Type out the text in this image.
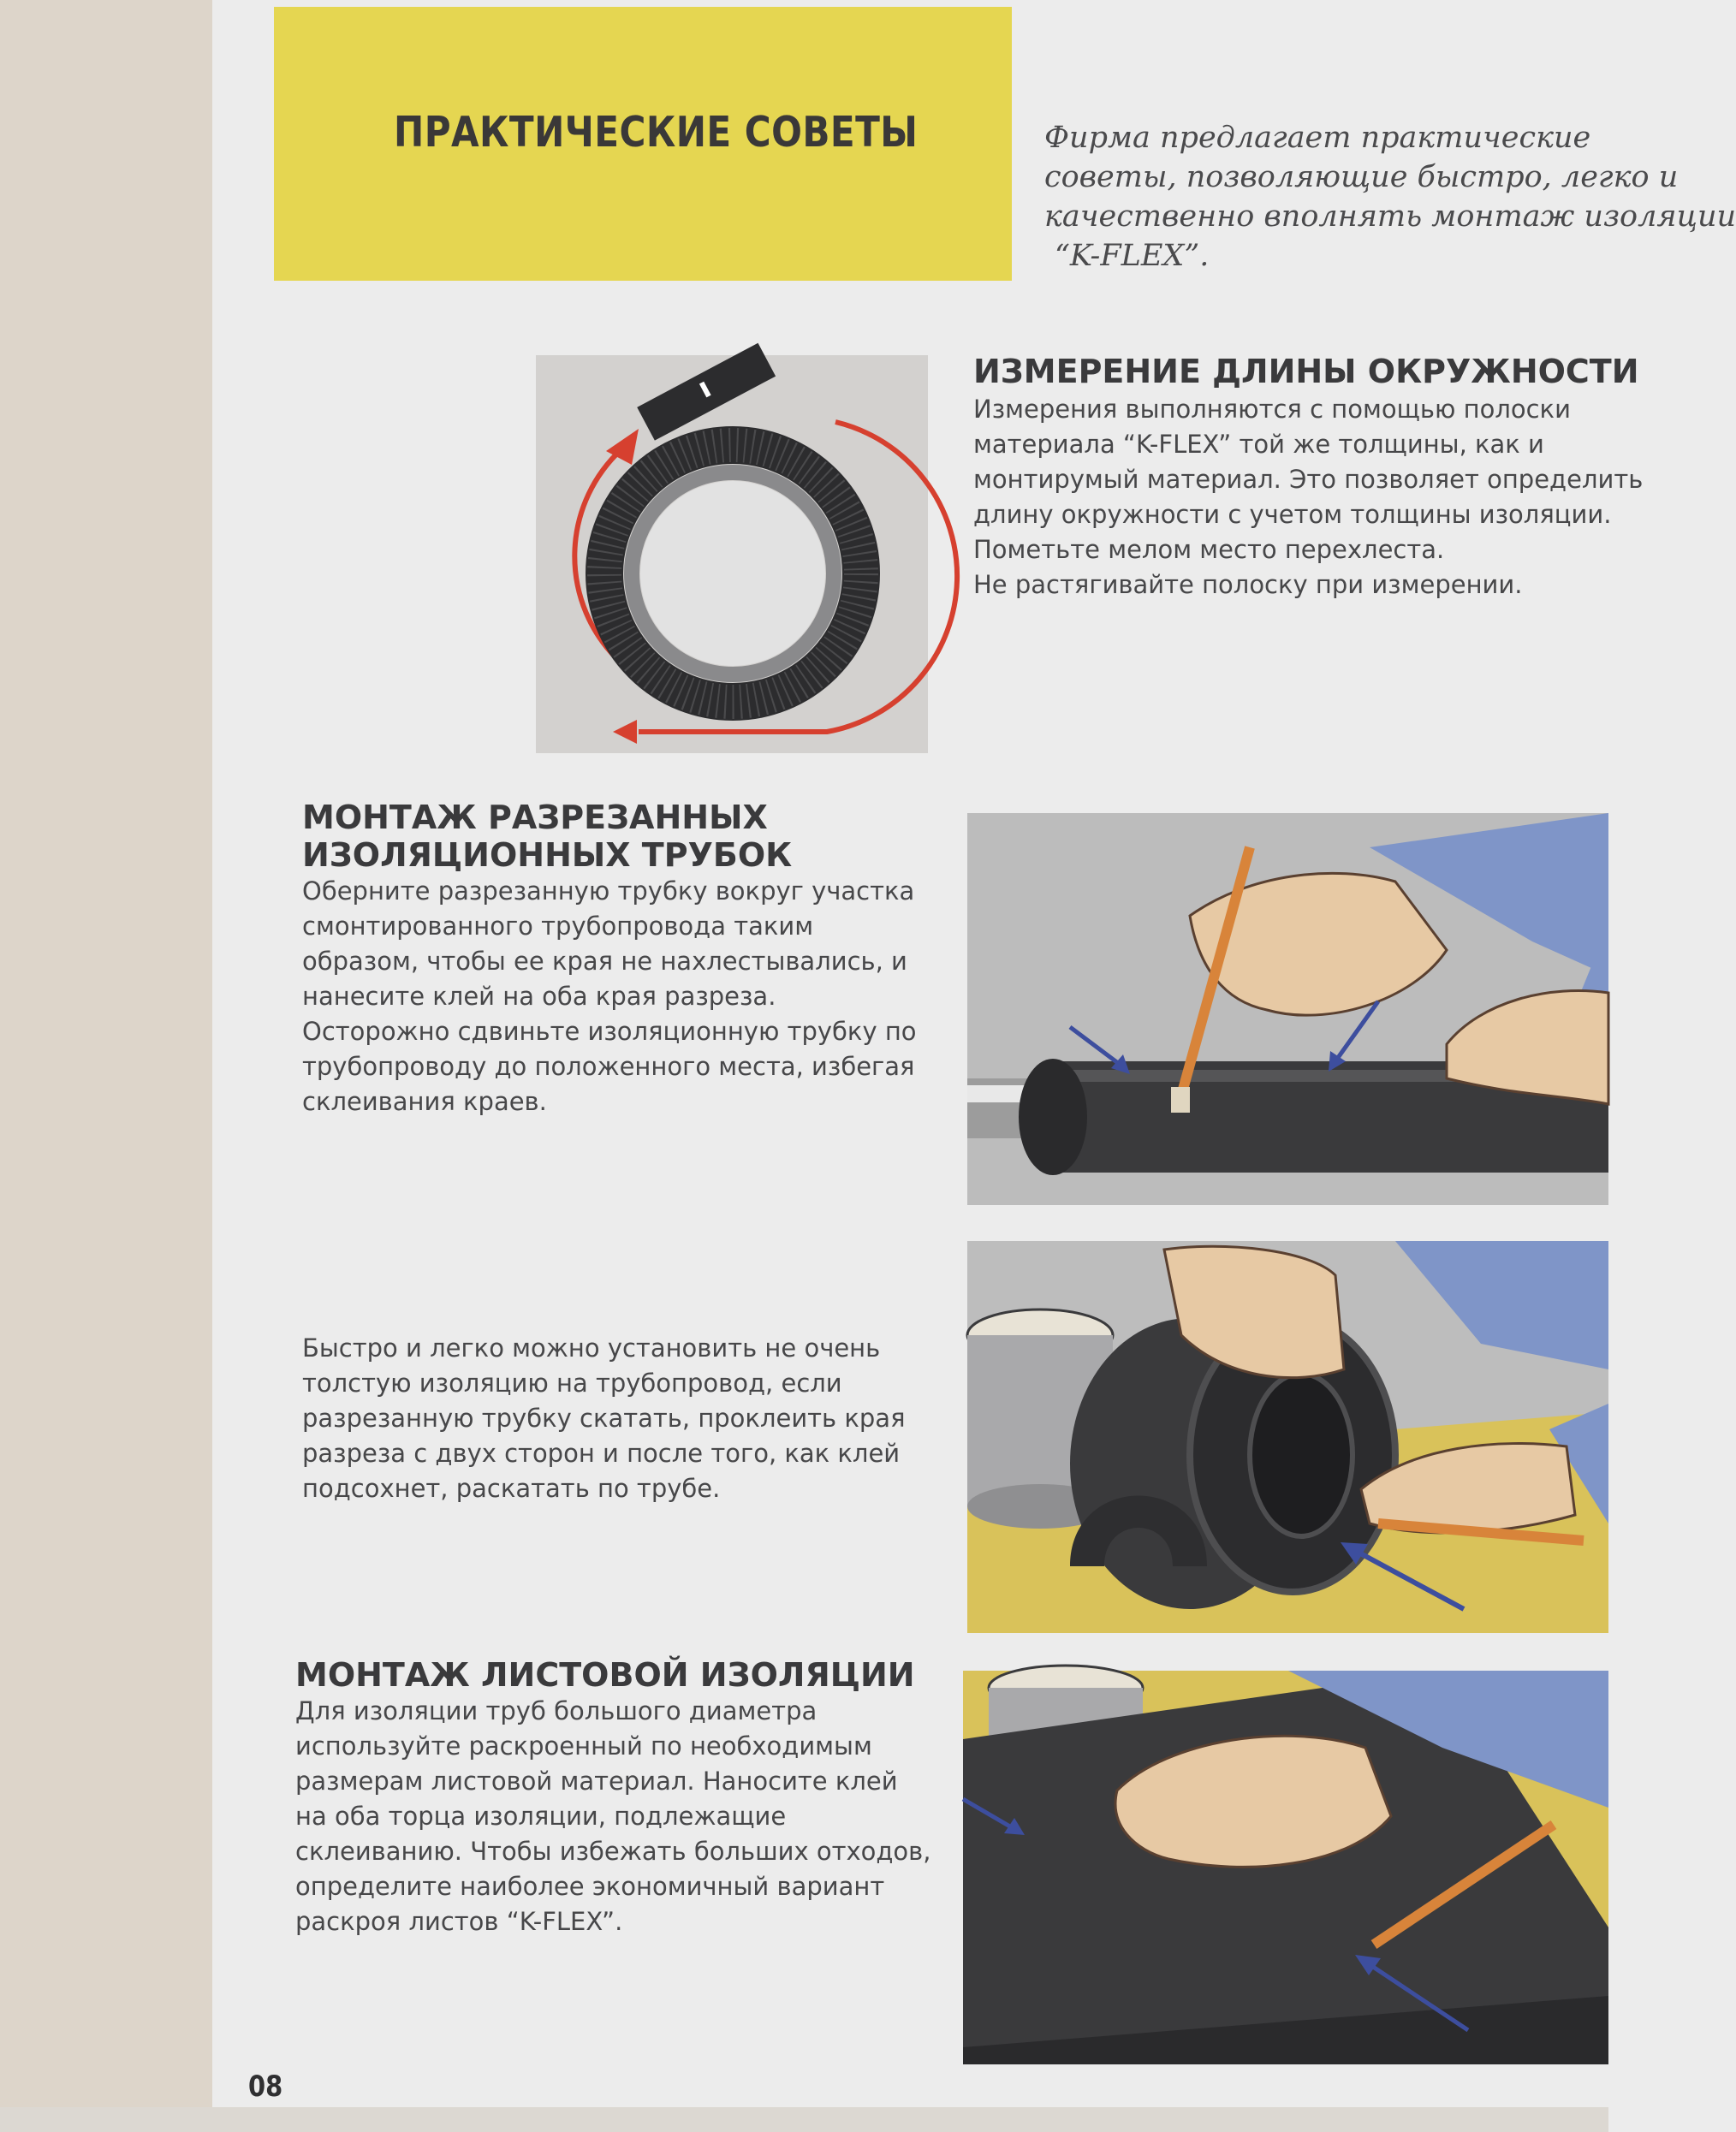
ПРАКТИЧЕСКИЕ СОВЕТЫ	Фирма предлагает практические
советы, позволяющие быстро, легко и
качественно вполнять монтаж изоляции
“K-FLEX”.
ИЗМЕРЕНИЕ ДЛИНЫ ОКРУЖНОСТИ
Измерения выполняются с помощью полоски
материала “K-FLEX” той же толщины, как и
монтирумый материал. Это позволяет определить
длину окружности с учетом толщины изоляции.
Пометьте мелом место перехлеста.
Не растягивайте полоску при измерении.
МОНТАЖ РАЗРЕЗАННЫХ
ИЗОЛЯЦИОННЫХ ТРУБОК
Оберните разрезанную трубку вокруг участка
смонтированного трубопровода таким
образом, чтобы ее края не нахлестывались, и
нанесите клей на оба края разреза.
Осторожно сдвиньте изоляционную трубку по
трубопроводу до положенного места, избегая
склеивания краев.
Быстро и легко можно установить не очень
толстую изоляцию на трубопровод, если
разрезанную трубку скатать, проклеить края
разреза с двух сторон и после того, как клей
подсохнет, раскатать по трубе.
МОНТАЖ ЛИСТОВОЙ ИЗОЛЯЦИИ
Для изоляции труб большого диаметра
используйте раскроенный по необходимым
размерам листовой материал. Наносите клей
на оба торца изоляции, подлежащие
склеиванию. Чтобы избежать больших отходов,
определите наиболее экономичный вариант
раскроя листов “K-FLEX”.
08
